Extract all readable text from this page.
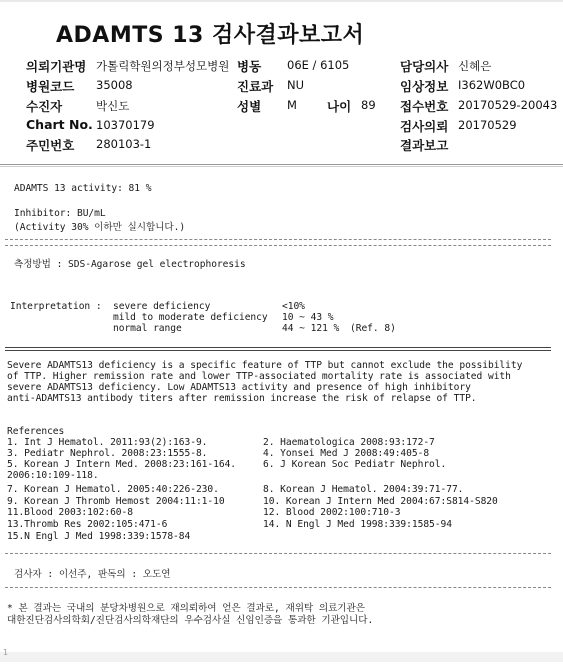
ADAMTS 13 검사결과보고서
의뢰기관명 가톨릭학원의정부성모병원 병동 06E / 6105	담당의사 신혜은
병원코드 35008	진료과 NU	임상정보 I362W0BC0
수진자	박신도	성별 M 나이 89 접수번호 20170529-20043
Chart No. 10370179	검사의뢰 20170529
주민번호 280103-1	결과보고
ADAMTS 13 activity: 81 %
Inhibitor: BU/mL
(Activity 30% 이하만 실시합니다.)
측정방법 : SDS-Agarose gel electrophoresis
Interpretation : severe deficiency	<10%
mild to moderate deficiency 10 ~ 43 %
normal range	44 ~ 121 % (Ref. 8)
Severe ADAMTS13 deficiency is a specific feature of TTP but cannot exclude the possibility
of TTP. Higher remission rate and lower TTP-associated mortality rate is associated with
severe ADAMTS13 deficiency. Low ADAMTS13 activity and presence of high inhibitory
anti-ADAMTS13 antibody titers after remission increase the risk of relapse of TTP.
References
1. Int J Hematol. 2011:93(2):163-9.	2. Haematologica 2008:93:172-7
3. Pediatr Nephrol. 2008:23:1555-8.	4. Yonsei Med J 2008:49:405-8
5. Korean J Intern Med. 2008:23:161-164.	6. J Korean Soc Pediatr Nephrol.
2006:10:109-118.
7. Korean J Hematol. 2005:40:226-230.	8. Korean J Hematol. 2004:39:71-77.
9. Korean J Thromb Hemost 2004:11:1-10	10. Korean J Intern Med 2004:67:S814-S820
11.Blood 2003:102:60-8	12. Blood 2002:100:710-3
13.Thromb Res 2002:105:471-6	14. N Engl J Med 1998:339:1585-94
15.N Engl J Med 1998:339:1578-84
검사자 : 이선주, 판독의 : 오도연
* 본 결과는 국내의 분당차병원으로 재의뢰하여 얻은 결과로, 재위탁 의료기관은
대한진단검사의학회/진단검사의학재단의 우수검사실 신임인증을 통과한 기관입니다.
1
